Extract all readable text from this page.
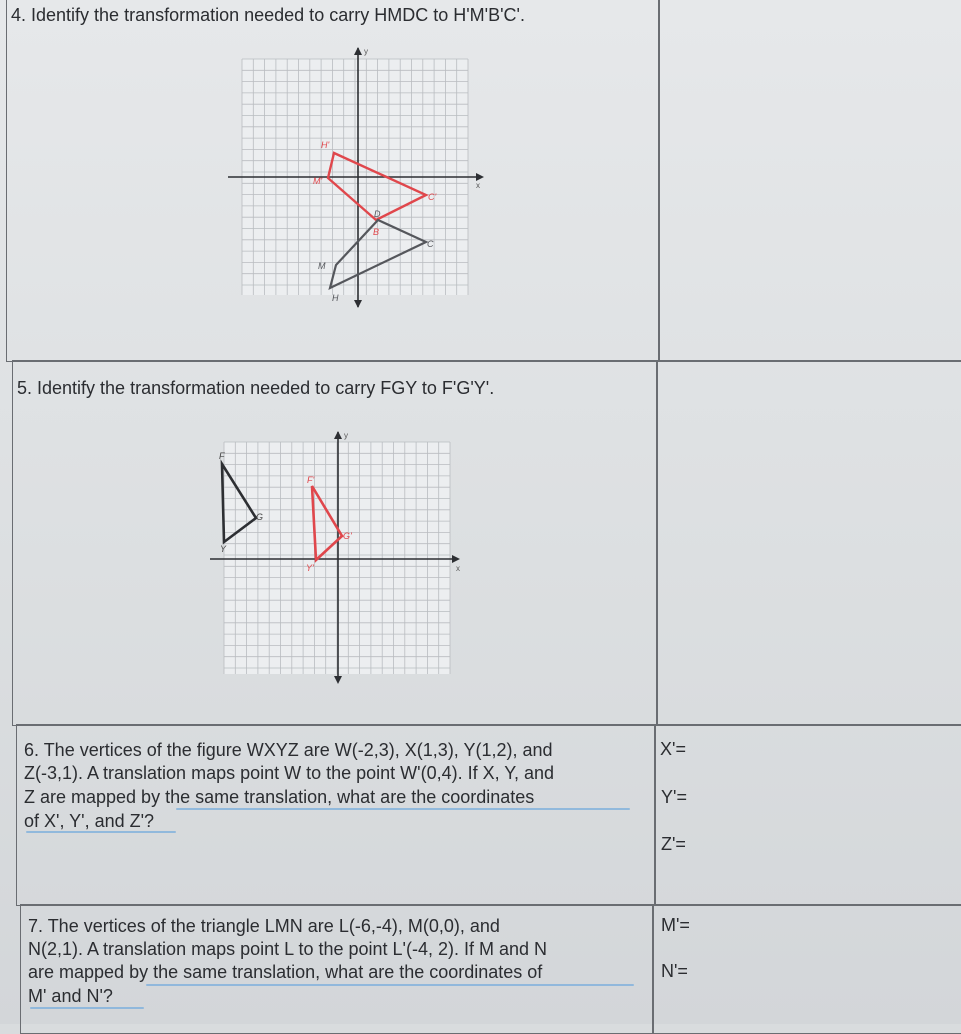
4. Identify the transformation needed to carry HMDC to H'M'B'C'.

y
x
H'
M'
C'
D
B
M
C
H

5. Identify the transformation needed to carry FGY to F'G'Y'.

y
x
F
G
Y
F'
G'
Y'

6. The vertices of the figure WXYZ are W(-2,3), X(1,3), Y(1,2), and

Z(-3,1). A translation maps point W to the point W'(0,4). If X, Y, and

Z are mapped by the same translation, what are the coordinates

of X', Y', and Z'?

X'=
Y'=
Z'=

7. The vertices of the triangle LMN are L(-6,-4), M(0,0), and

N(2,1). A translation maps point L to the point L'(-4, 2). If M and N

are mapped by the same translation, what are the coordinates of

M' and N'?

M'=
N'=
